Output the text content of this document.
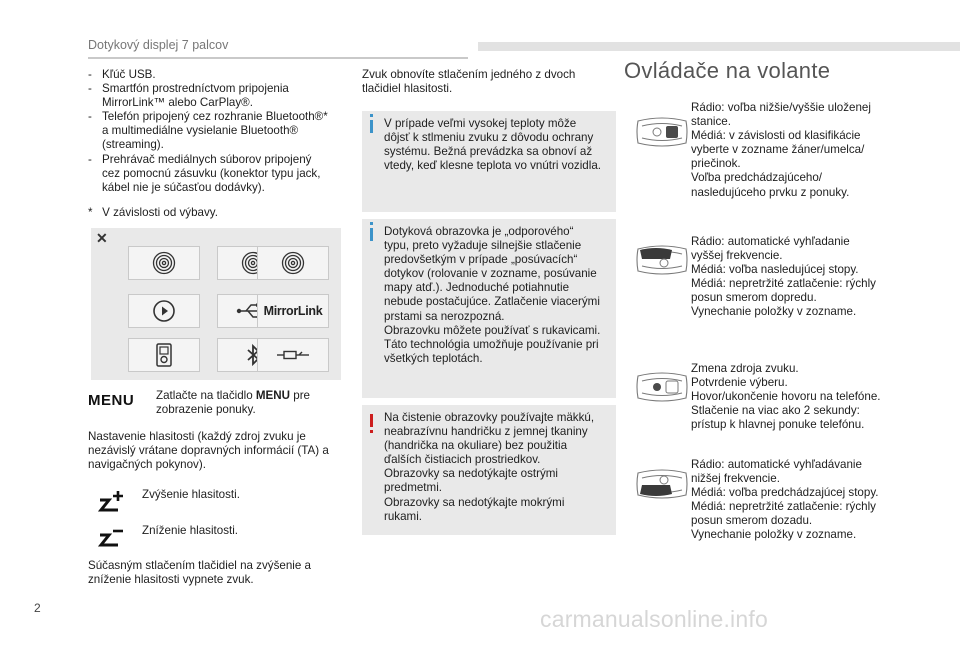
Dotykový displej 7 palcov
- Kľúč USB.
- Smartfón prostredníctvom pripojenia
MirrorLink™ alebo CarPlay®.
- Telefón pripojený cez rozhranie Bluetooth®*
a multimediálne vysielanie Bluetooth®
(streaming).
- Prehrávač mediálnych súborov pripojený
cez pomocnú zásuvku (konektor typu jack,
kábel nie je súčasťou dodávky).
*   V závislosti od výbavy.
✕
MirrorLink
MENU Zatlačte na tlačidlo MENU pre
zobrazenie ponuky.
Nastavenie hlasitosti (každý zdroj zvuku je
nezávislý vrátane dopravných informácií (TA) a
navigačných pokynov).
Zvýšenie hlasitosti.
Zníženie hlasitosti.
Súčasným stlačením tlačidiel na zvýšenie a
zníženie hlasitosti vypnete zvuk.
Zvuk obnovíte stlačením jedného z dvoch
tlačidiel hlasitosti.

V prípade veľmi vysokej teploty môže
dôjsť k stlmeniu zvuku z dôvodu ochrany
systému. Bežná prevádzka sa obnoví až
vtedy, keď klesne teplota vo vnútri vozidla.

Dotyková obrazovka je „odporového“
typu, preto vyžaduje silnejšie stlačenie
predovšetkým v prípade „posúvacích“
dotykov (rolovanie v zozname, posúvanie
mapy atď.). Jednoduché potiahnutie
nebude postačujúce. Zatlačenie viacerými
prstami sa nerozpozná.
Obrazovku môžete používať s rukavicami.
Táto technológia umožňuje používanie pri
všetkých teplotách.

Na čistenie obrazovky používajte mäkkú,
neabrazívnu handričku z jemnej tkaniny
(handrička na okuliare) bez použitia
ďalších čistiacich prostriedkov.
Obrazovky sa nedotýkajte ostrými
predmetmi.
Obrazovky sa nedotýkajte mokrými
rukami.

Ovládače na volante
Rádio: voľba nižšie/vyššie uloženej
stanice.
Médiá: v závislosti od klasifikácie
vyberte v zozname žáner/umelca/
priečinok.
Voľba predchádzajúceho/
nasledujúceho prvku z ponuky.
Rádio: automatické vyhľadanie
vyššej frekvencie.
Médiá: voľba nasledujúcej stopy.
Médiá: nepretržité zatlačenie: rýchly
posun smerom dopredu.
Vynechanie položky v zozname.
Zmena zdroja zvuku.
Potvrdenie výberu.
Hovor/ukončenie hovoru na telefóne.
Stlačenie na viac ako 2 sekundy:
prístup k hlavnej ponuke telefónu.
Rádio: automatické vyhľadávanie
nižšej frekvencie.
Médiá: voľba predchádzajúcej stopy.
Médiá: nepretržité zatlačenie: rýchly
posun smerom dozadu.
Vynechanie položky v zozname.
2	carmanualsonline.info
